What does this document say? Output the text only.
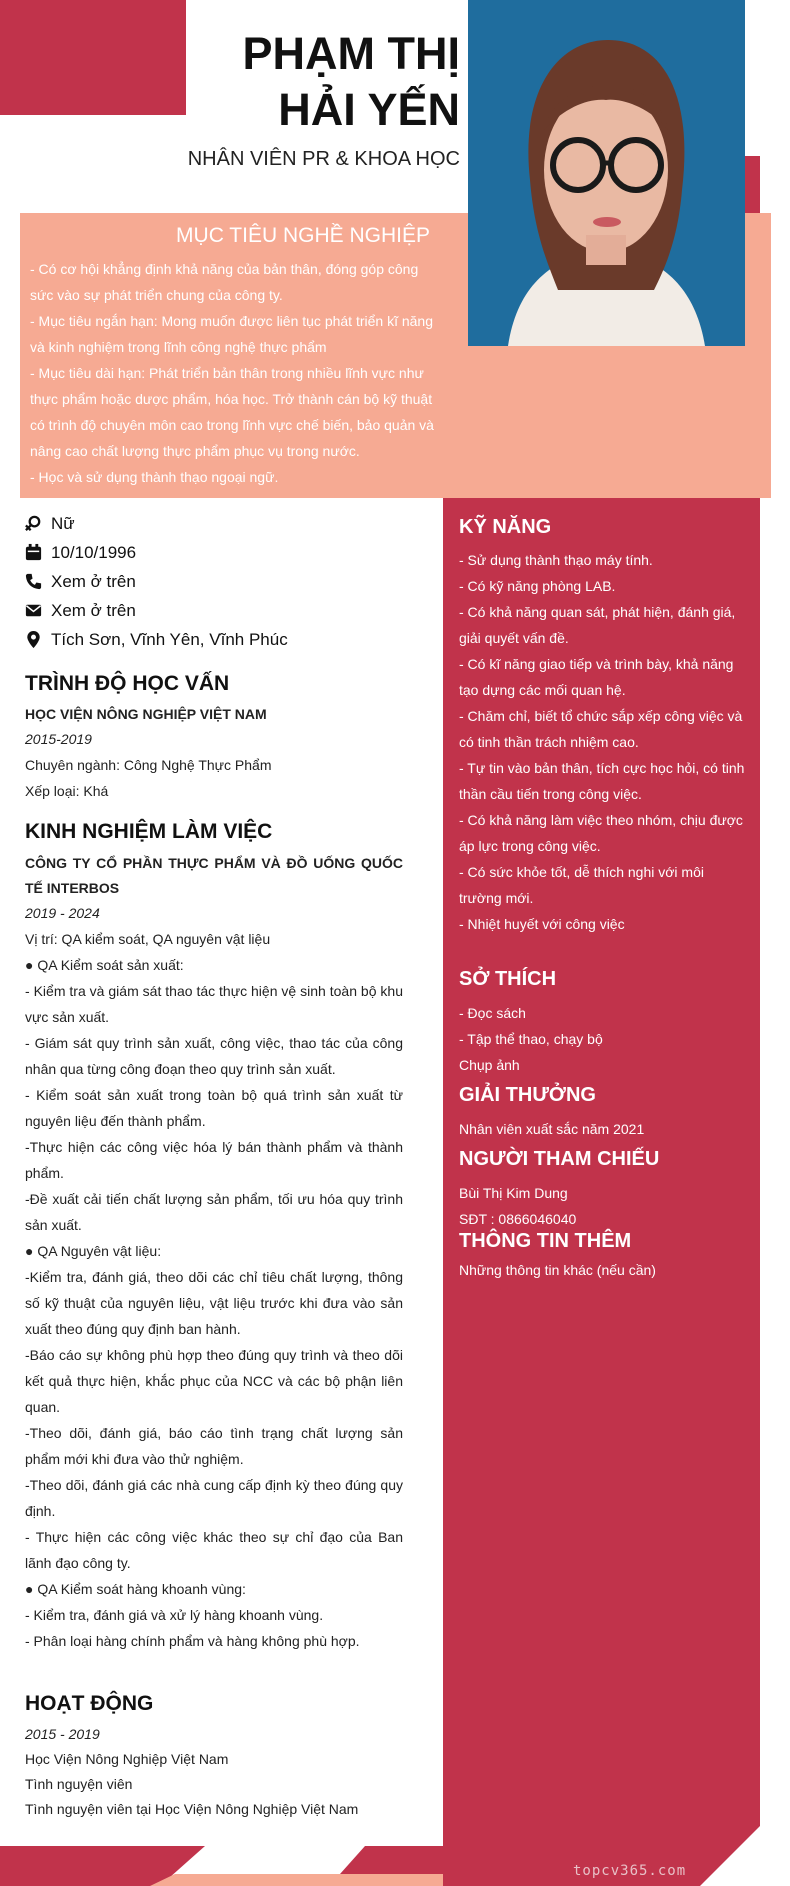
PHẠM THỊ
HẢI YẾN
NHÂN VIÊN PR & KHOA HỌC
MỤC TIÊU NGHỀ NGHIỆP
- Có cơ hội khẳng định khả năng của bản thân, đóng góp công
sức vào sự phát triển chung của công ty.
- Mục tiêu ngắn hạn: Mong muốn được liên tục phát triển kĩ năng
và kinh nghiệm trong lĩnh công nghệ thực phẩm
- Mục tiêu dài hạn: Phát triển bản thân trong nhiều lĩnh vực như
thực phẩm hoặc dược phẩm, hóa học. Trở thành cán bộ kỹ thuật
có trình độ chuyên môn cao trong lĩnh vực chế biến, bảo quản và
nâng cao chất lượng thực phẩm phục vụ trong nước.
- Học và sử dụng thành thạo ngoại ngữ.
Nữ
10/10/1996
Xem ở trên
Xem ở trên
Tích Sơn, Vĩnh Yên, Vĩnh Phúc
TRÌNH ĐỘ HỌC VẤN
HỌC VIỆN NÔNG NGHIỆP VIỆT NAM
2015-2019
Chuyên ngành: Công Nghệ Thực Phẩm
Xếp loại: Khá
KINH NGHIỆM LÀM VIỆC
CÔNG TY CỔ PHẦN THỰC PHẨM VÀ ĐỒ UỐNG QUỐC TẾ INTERBOS
2019 - 2024
Vị trí: QA kiểm soát, QA nguyên vật liệu
● QA Kiểm soát sản xuất:
- Kiểm tra và giám sát thao tác thực hiện vệ sinh toàn bộ khu vực sản xuất.
- Giám sát quy trình sản xuất, công việc, thao tác của công nhân qua từng công đoạn theo quy trình sản xuất.
- Kiểm soát sản xuất trong toàn bộ quá trình sản xuất từ nguyên liệu đến thành phẩm.
-Thực hiện các công việc hóa lý bán thành phẩm và thành phẩm.
-Đề xuất cải tiến chất lượng sản phẩm, tối ưu hóa quy trình sản xuất.
● QA Nguyên vật liệu:
-Kiểm tra, đánh giá, theo dõi các chỉ tiêu chất lượng, thông số kỹ thuật của nguyên liệu, vật liệu trước khi đưa vào sản xuất theo đúng quy định ban hành.
-Báo cáo sự không phù hợp theo đúng quy trình và theo dõi kết quả thực hiện, khắc phục của NCC và các bộ phận liên quan.
-Theo dõi, đánh giá, báo cáo tình trạng chất lượng sản phẩm mới khi đưa vào thử nghiệm.
-Theo dõi, đánh giá các nhà cung cấp định kỳ theo đúng quy định.
- Thực hiện các công việc khác theo sự chỉ đạo của Ban lãnh đạo công ty.
● QA Kiểm soát hàng khoanh vùng:
- Kiểm tra, đánh giá và xử lý hàng khoanh vùng.
- Phân loại hàng chính phẩm và hàng không phù hợp.
HOẠT ĐỘNG
2015 - 2019
Học Viện Nông Nghiệp Việt Nam
Tình nguyện viên
Tình nguyện viên tại Học Viện Nông Nghiệp Việt Nam
KỸ NĂNG
- Sử dụng thành thạo máy tính.
- Có kỹ năng phòng LAB.
- Có khả năng quan sát, phát hiện, đánh giá, giải quyết vấn đề.
- Có kĩ năng giao tiếp và trình bày, khả năng tạo dựng các mối quan hệ.
- Chăm chỉ, biết tổ chức sắp xếp công việc và có tinh thần trách nhiệm cao.
- Tự tin vào bản thân, tích cực học hỏi, có tinh thần cầu tiến trong công việc.
- Có khả năng làm việc theo nhóm, chịu được áp lực trong công việc.
- Có sức khỏe tốt, dễ thích nghi với môi trường mới.
- Nhiệt huyết với công việc
SỞ THÍCH
- Đọc sách
- Tập thể thao, chạy bộ
Chụp ảnh
GIẢI THƯỞNG
Nhân viên xuất sắc năm 2021
NGƯỜI THAM CHIẾU
Bùi Thị Kim Dung
SĐT : 0866046040
THÔNG TIN THÊM
Những thông tin khác (nếu cần)
topcv365.com
